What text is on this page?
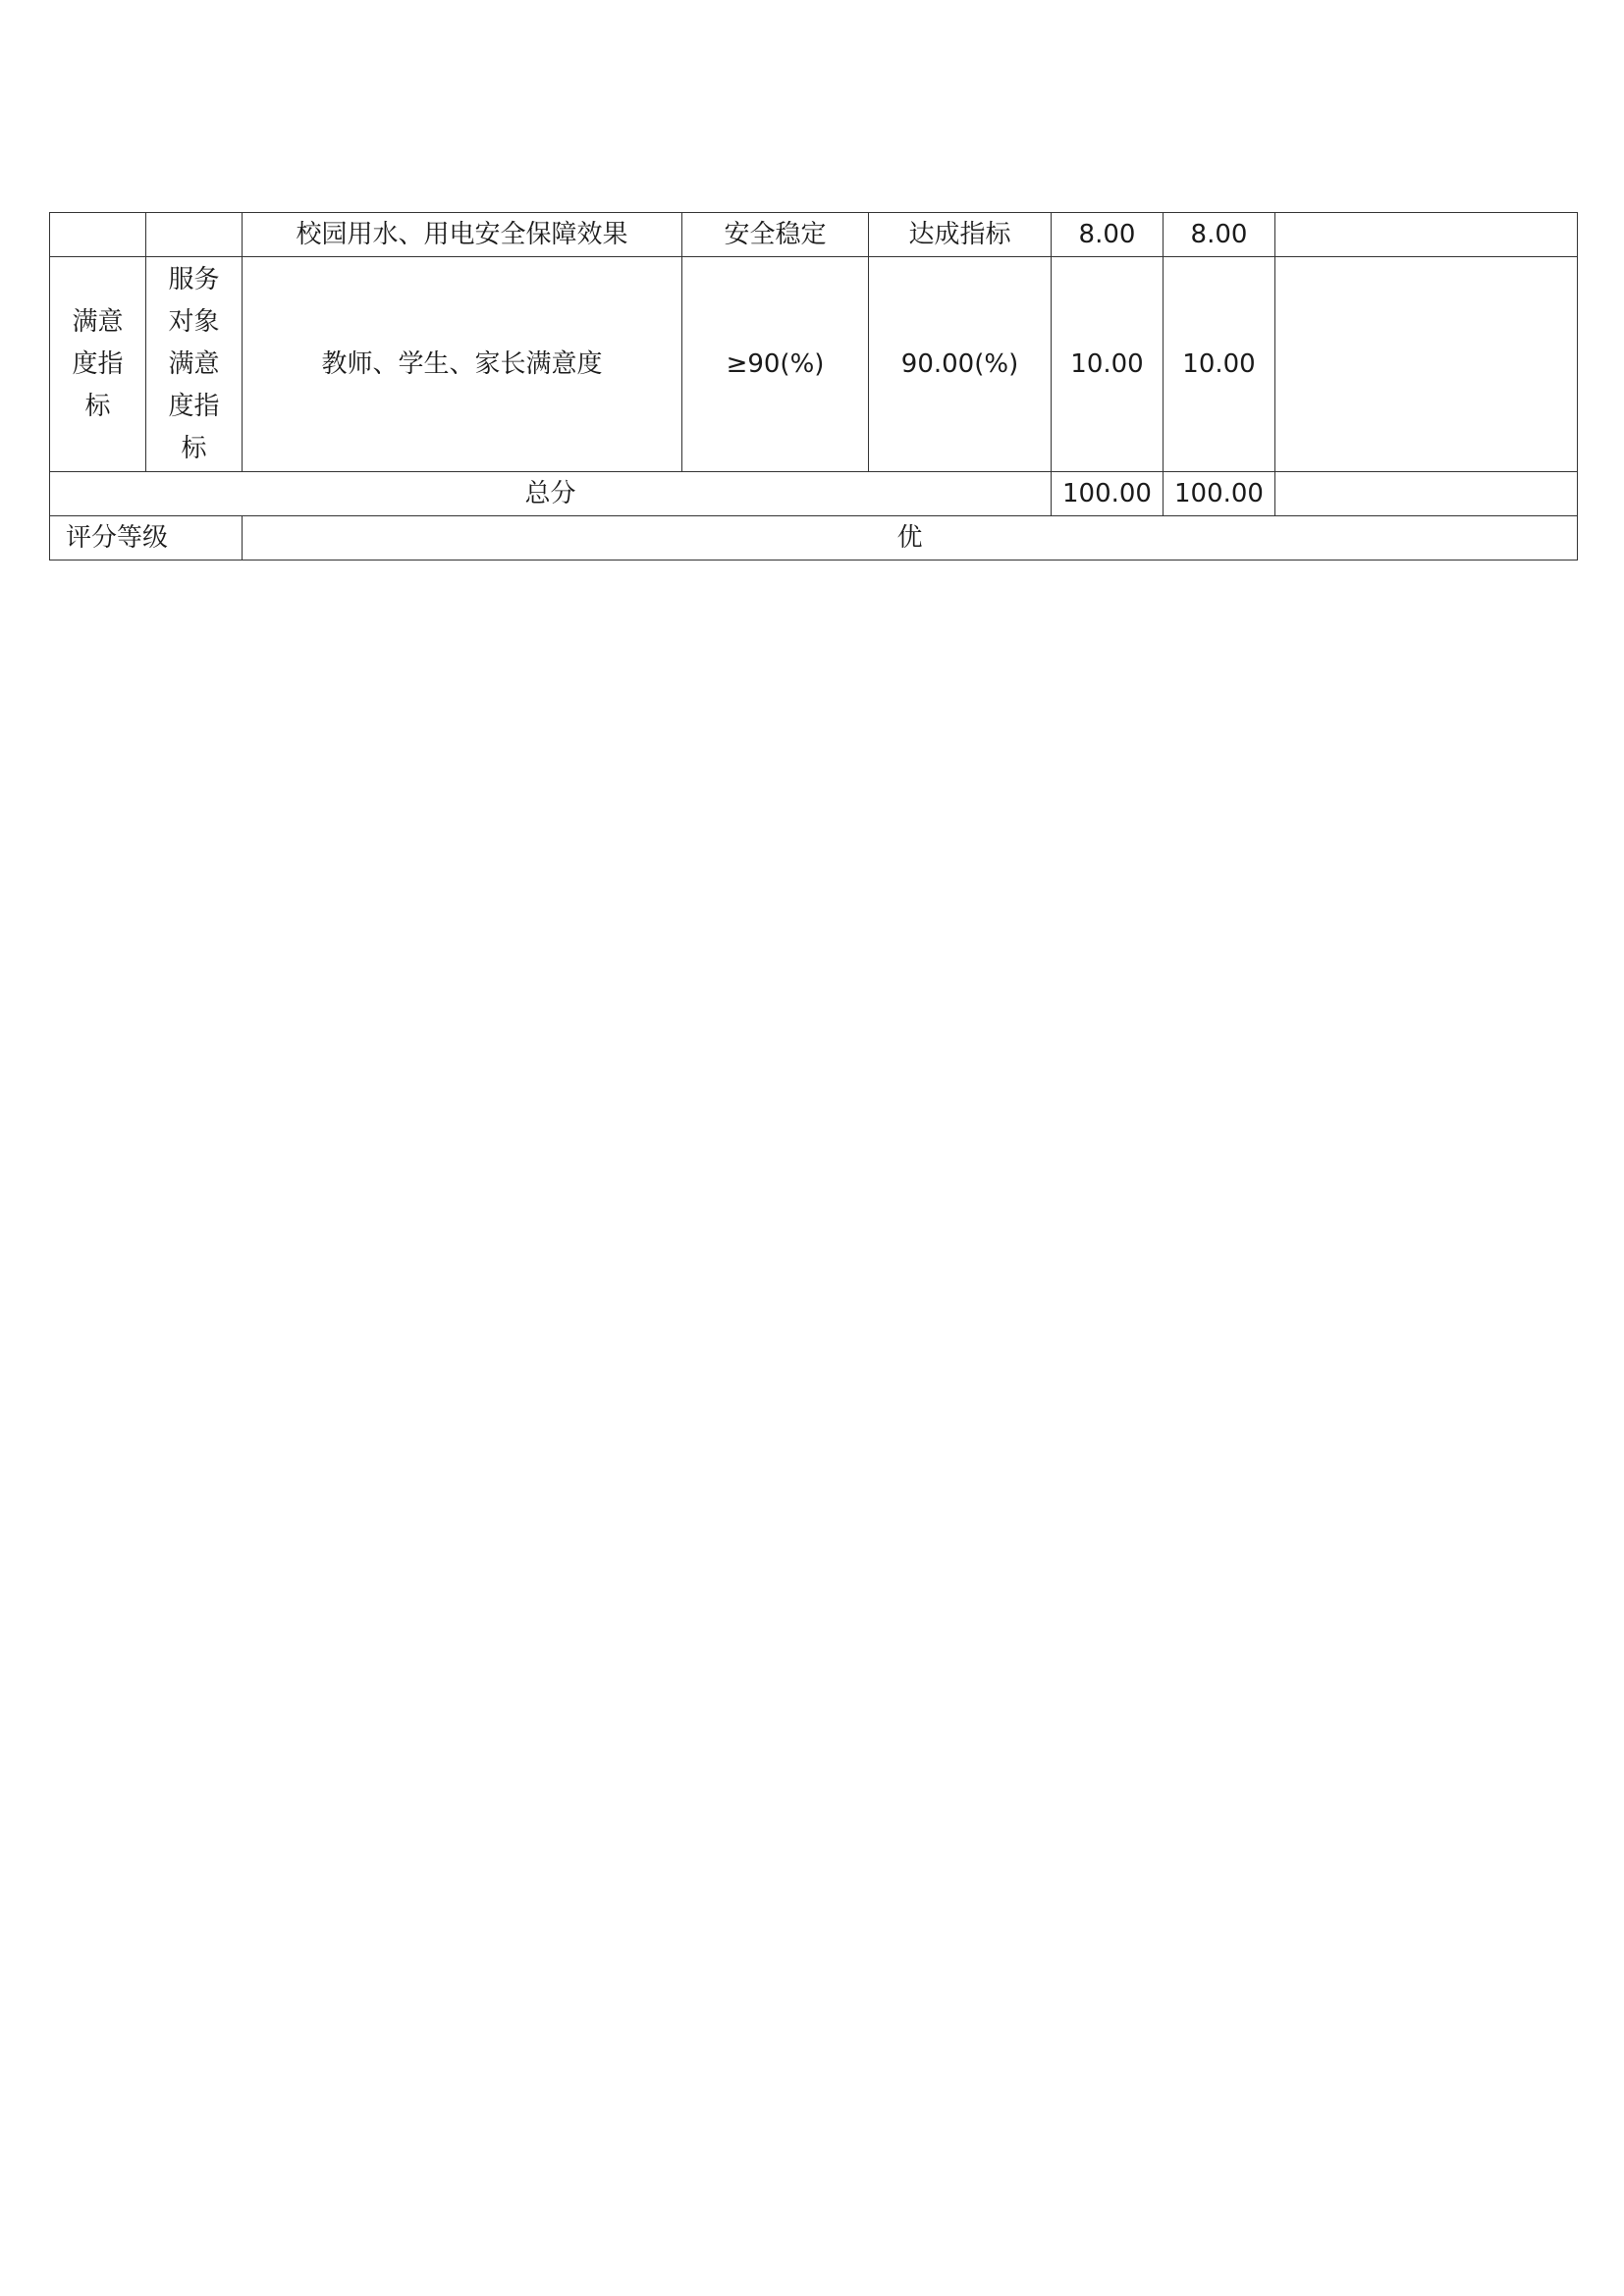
		校园用水、用电安全保障效果	安全稳定	达成指标	8.00	8.00	

满意度指标	服务对象满意度指标	教师、学生、家长满意度	≥90(%)	90.00(%)	10.00	10.00	
总分					100.00	100.00	
评分等级		优					
